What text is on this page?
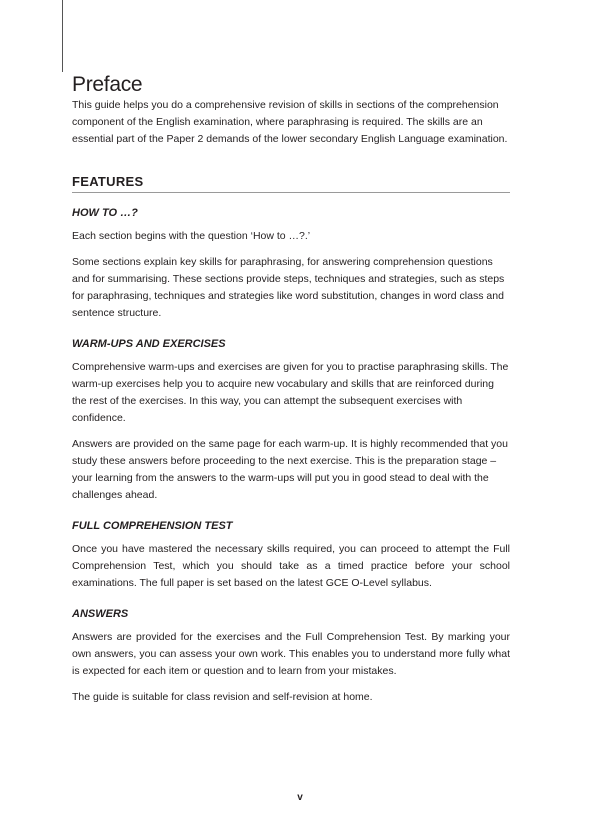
Preface

This guide helps you do a comprehensive revision of skills in sections of the comprehension component of the English examination, where paraphrasing is required. The skills are an essential part of the Paper 2 demands of the lower secondary English Language examination.

FEATURES
HOW TO …?

Each section begins with the question ‘How to …?.’

Some sections explain key skills for paraphrasing, for answering comprehension questions and for summarising. These sections provide steps, techniques and strategies, such as steps for paraphrasing, techniques and strategies like word substitution, changes in word class and sentence structure.

WARM-UPS AND EXERCISES

Comprehensive warm-ups and exercises are given for you to practise paraphrasing skills. The warm-up exercises help you to acquire new vocabulary and skills that are reinforced during the rest of the exercises. In this way, you can attempt the subsequent exercises with confidence.

Answers are provided on the same page for each warm-up. It is highly recommended that you study these answers before proceeding to the next exercise. This is the preparation stage – your learning from the answers to the warm-ups will put you in good stead to deal with the challenges ahead.

FULL COMPREHENSION TEST

Once you have mastered the necessary skills required, you can proceed to attempt the Full Comprehension Test, which you should take as a timed practice before your school examinations. The full paper is set based on the latest GCE O-Level syllabus.

ANSWERS

Answers are provided for the exercises and the Full Comprehension Test. By marking your own answers, you can assess your own work. This enables you to understand more fully what is expected for each item or question and to learn from your mistakes.

The guide is suitable for class revision and self-revision at home.

v
